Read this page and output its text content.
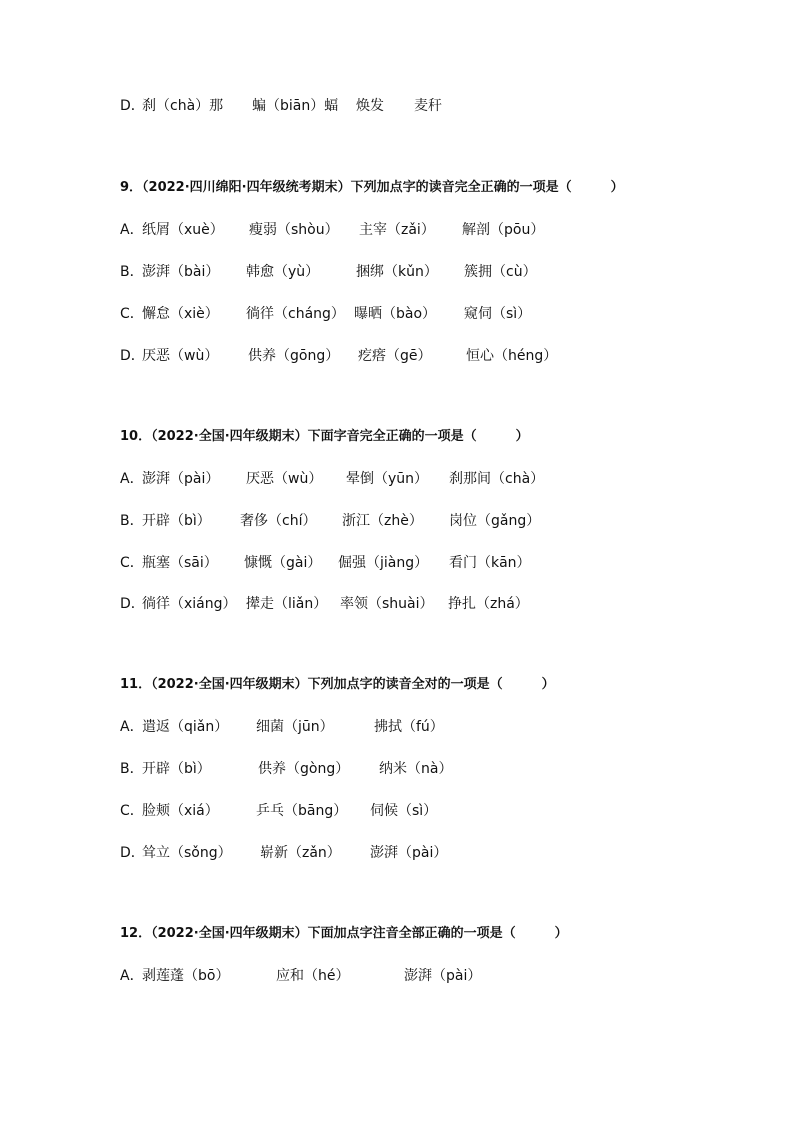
D．
刹（chà）那 蝙（biān）蝠 焕发 麦秆
9．（2022·四川绵阳·四年级统考期末）下列加点字的读音完全正确的一项是（　　　）
A．
纸屑（xuè） 瘦弱（shòu） 主宰（zǎi） 解剖（pōu）
B．
澎湃（bài） 韩愈（yù）	捆绑（kǔn） 簇拥（cù）
C．
懈怠（xiè） 徜徉（cháng） 曝晒（bào） 窥伺（sì）
D．
厌恶（wù） 供养（gōng） 疙瘩（gē） 恒心（héng）
10．（2022·全国·四年级期末）下面字音完全正确的一项是（　　　）
A．
澎湃（pài） 厌恶（wù） 晕倒（yūn） 刹那间（chà）
B．
开辟（bì） 奢侈（chí） 浙江（zhè） 岗位（gǎng）
C．
瓶塞（sāi） 慷慨（gài） 倔强（jiàng） 看门（kān）
D．
徜徉（xiáng） 撵走（liǎn） 率领（shuài） 挣扎（zhá）
11．（2022·全国·四年级期末）下列加点字的读音全对的一项是（　　　）
A．
遣返（qiǎn） 细菌（jūn）	拂拭（fú）
B．
开辟（bì）	供养（gòng） 纳米（nà）
C．
脸颊（xiá）	乒乓（bāng） 伺候（sì）
D．
耸立（sǒng） 崭新（zǎn） 澎湃（pài）
12．（2022·全国·四年级期末）下面加点字注音全部正确的一项是（　　　）
A．
剥莲蓬（bō）	应和（hé）	澎湃（pài）
